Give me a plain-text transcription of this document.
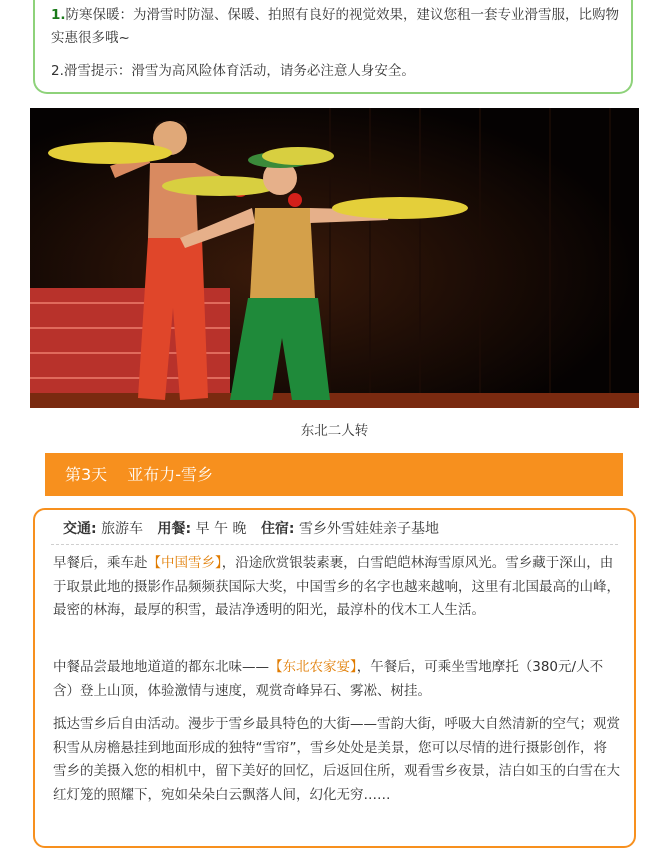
1.防寒保暖：为滑雪时防湿、保暖、拍照有良好的视觉效果，建议您租一套专业滑雪服，比购物实惠很多哦~

2.滑雪提示：滑雪为高风险体育活动，请务必注意人身安全。

东北二人转
第3天 亚布力-雪乡
交通: 旅游车 用餐: 早 午 晚 住宿: 雪乡外雪娃娃亲子基地

早餐后，乘车赴【中国雪乡】，沿途欣赏银装素裹，白雪皑皑林海雪原风光。雪乡藏于深山，由于取景此地的摄影作品频频获国际大奖，中国雪乡的名字也越来越响，这里有北国最高的山峰，最密的林海，最厚的积雪，最洁净透明的阳光，最淳朴的伐木工人生活。

中餐品尝最地地道道的都东北味——【东北农家宴】，午餐后，可乘坐雪地摩托（380元/人不含）登上山顶，体验激情与速度，观赏奇峰异石、雾凇、树挂。

抵达雪乡后自由活动。漫步于雪乡最具特色的大街——雪韵大街，呼吸大自然清新的空气；观赏积雪从房檐悬挂到地面形成的独特“雪帘”，雪乡处处是美景，您可以尽情的进行摄影创作，将雪乡的美摄入您的相机中，留下美好的回忆，后返回住所，观看雪乡夜景，洁白如玉的白雪在大红灯笼的照耀下，宛如朵朵白云飘落人间，幻化无穷……
